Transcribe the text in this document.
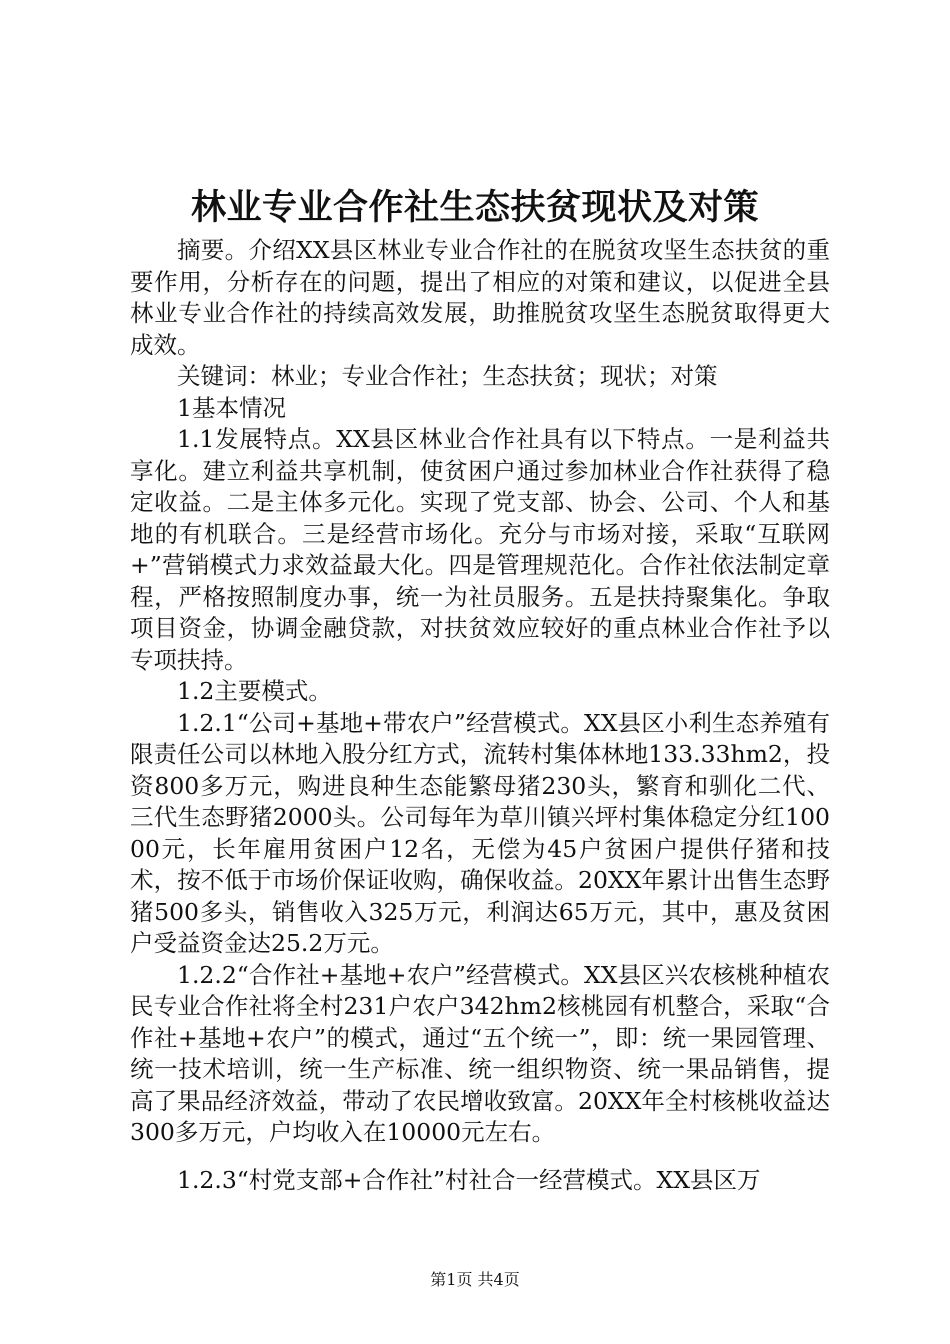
林业专业合作社生态扶贫现状及对策

摘要。介绍XX县区林业专业合作社的在脱贫攻坚生态扶贫的重要作用，分析存在的问题，提出了相应的对策和建议，以促进全县林业专业合作社的持续高效发展，助推脱贫攻坚生态脱贫取得更大成效。

关键词：林业；专业合作社；生态扶贫；现状；对策

1基本情况

1.1发展特点。XX县区林业合作社具有以下特点。一是利益共享化。建立利益共享机制，使贫困户通过参加林业合作社获得了稳定收益。二是主体多元化。实现了党支部、协会、公司、个人和基地的有机联合。三是经营市场化。充分与市场对接，采取“互联网+”营销模式力求效益最大化。四是管理规范化。合作社依法制定章程，严格按照制度办事，统一为社员服务。五是扶持聚集化。争取项目资金，协调金融贷款，对扶贫效应较好的重点林业合作社予以专项扶持。

1.2主要模式。

1.2.1“公司+基地+带农户”经营模式。XX县区小利生态养殖有限责任公司以林地入股分红方式，流转村集体林地133.33hm2，投资800多万元，购进良种生态能繁母猪230头，繁育和驯化二代、三代生态野猪2000头。公司每年为草川镇兴坪村集体稳定分红10000元，长年雇用贫困户12名，无偿为45户贫困户提供仔猪和技术，按不低于市场价保证收购，确保收益。20XX年累计出售生态野猪500多头，销售收入325万元，利润达65万元，其中，惠及贫困户受益资金达25.2万元。

1.2.2“合作社+基地+农户”经营模式。XX县区兴农核桃种植农民专业合作社将全村231户农户342hm2核桃园有机整合，采取“合作社+基地+农户”的模式，通过“五个统一”，即：统一果园管理、统一技术培训，统一生产标准、统一组织物资、统一果品销售，提高了果品经济效益，带动了农民增收致富。20XX年全村核桃收益达300多万元，户均收入在10000元左右。

1.2.3“村党支部+合作社”村社合一经营模式。XX县区万

第1页 共4页
